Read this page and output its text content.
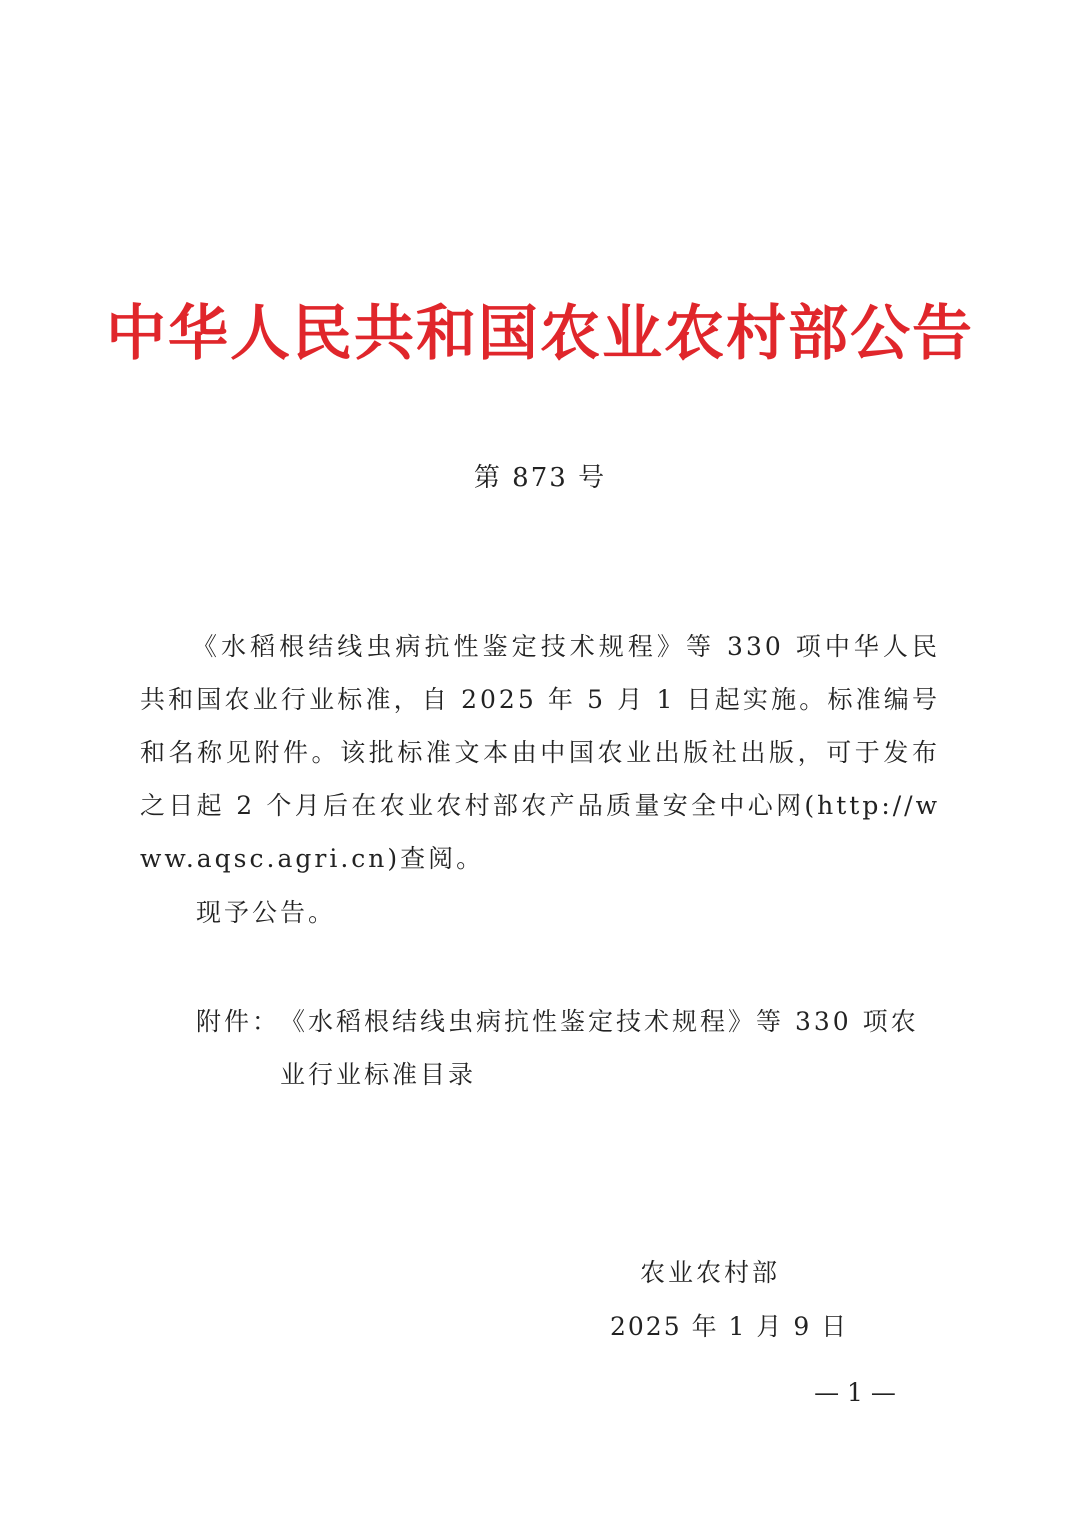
中华人民共和国农业农村部公告
第 873 号

《水稻根结线虫病抗性鉴定技术规程》等 330 项中华人民共和国农业行业标准，自 2025 年 5 月 1 日起实施。标准编号和名称见附件。该批标准文本由中国农业出版社出版，可于发布之日起 2 个月后在农业农村部农产品质量安全中心网(http://www.aqsc.agri.cn)查阅。

现予公告。

附件： 《水稻根结线虫病抗性鉴定技术规程》等 330 项农业行业标准目录
农业农村部
2025 年 1 月 9 日
— 1 —
